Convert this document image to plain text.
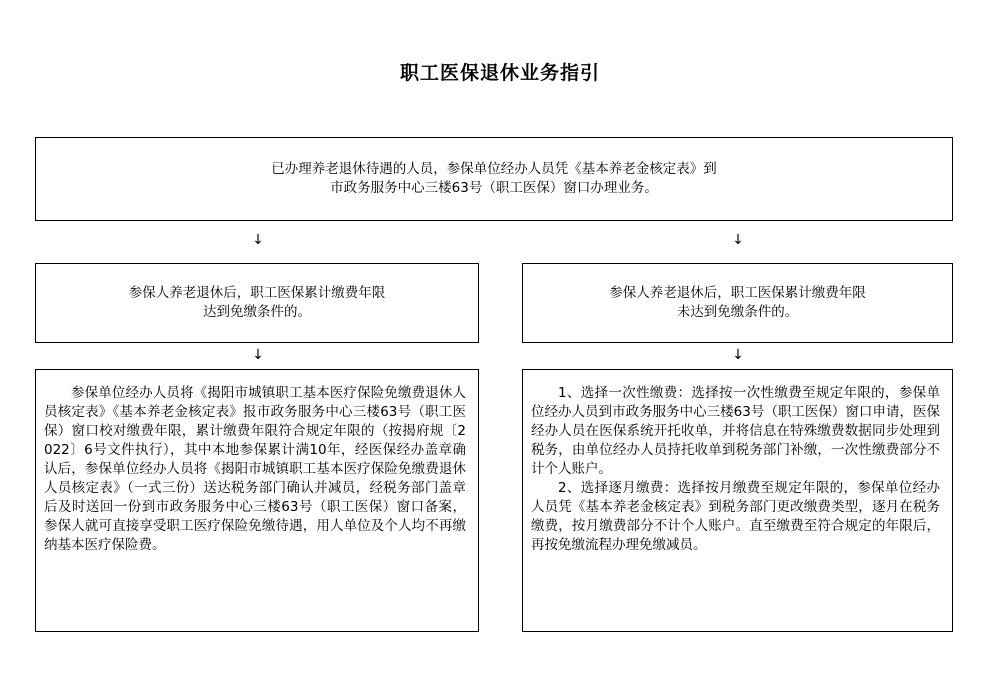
职工医保退休业务指引
已办理养老退休待遇的人员，参保单位经办人员凭《基本养老金核定表》到
市政务服务中心三楼63号（职工医保）窗口办理业务。
↓	↓
参保人养老退休后，职工医保累计缴费年限
达到免缴条件的。
参保人养老退休后，职工医保累计缴费年限
未达到免缴条件的。
↓	↓

参保单位经办人员将《揭阳市城镇职工基本医疗保险免缴费退休人员核定表》《基本养老金核定表》报市政务服务中心三楼63号（职工医保）窗口校对缴费年限，累计缴费年限符合规定年限的（按揭府规〔2022〕6号文件执行），其中本地参保累计满10年，经医保经办盖章确认后，参保单位经办人员将《揭阳市城镇职工基本医疗保险免缴费退休人员核定表》（一式三份）送达税务部门确认并减员，经税务部门盖章后及时送回一份到市政务服务中心三楼63号（职工医保）窗口备案，参保人就可直接享受职工医疗保险免缴待遇，用人单位及个人均不再缴纳基本医疗保险费。

1、选择一次性缴费：选择按一次性缴费至规定年限的，参保单位经办人员到市政务服务中心三楼63号（职工医保）窗口申请，医保经办人员在医保系统开托收单，并将信息在特殊缴费数据同步处理到税务，由单位经办人员持托收单到税务部门补缴，一次性缴费部分不计个人账户。

2、选择逐月缴费：选择按月缴费至规定年限的，参保单位经办人员凭《基本养老金核定表》到税务部门更改缴费类型，逐月在税务缴费，按月缴费部分不计个人账户。直至缴费至符合规定的年限后，再按免缴流程办理免缴减员。
